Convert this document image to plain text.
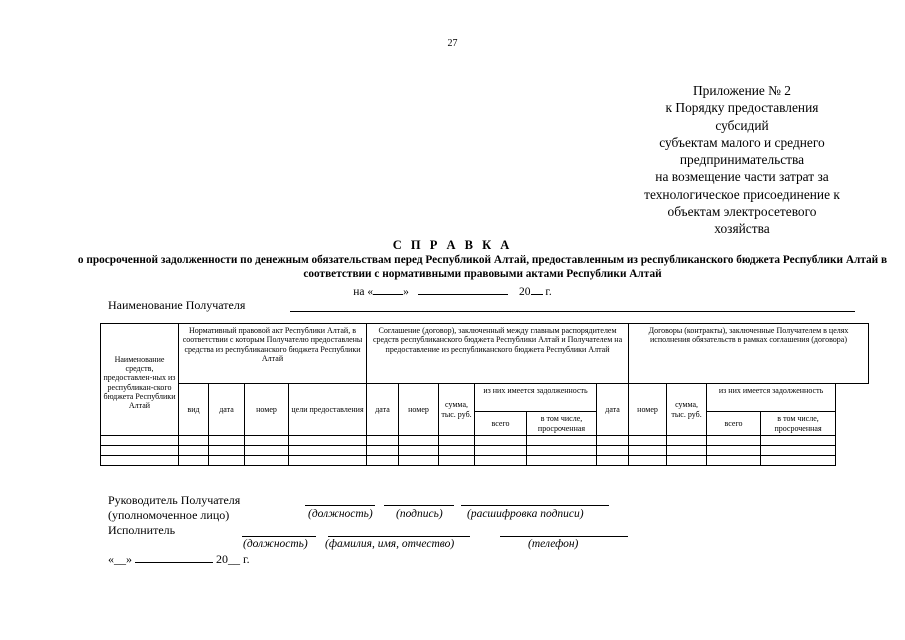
27
Приложение № 2
к Порядку предоставления
субсидий
субъектам малого и среднего
предпринимательства
на возмещение части затрат за
технологическое присоединение к
объектам электросетевого
хозяйства
С П Р А В К А
о просроченной задолженности по денежным обязательствам перед Республикой Алтай, предоставленным из республиканского бюджета Республики Алтай в соответствии с нормативными правовыми актами Республики Алтай
на «	»	20 г.
Наименование Получателя
Наименование средств, предоставлен-ных из республикан-ского бюджета Республики Алтай	Нормативный правовой акт Республики Алтай, в соответствии с которым Получателю предоставлены средства из республиканского бюджета Республики Алтай				Соглашение (договор), заключенный между главным распорядителем средств республиканского бюджета Республики Алтай и Получателем на предоставление из республиканского бюджета Республики Алтай						Договоры (контракты), заключенные Получателем в целях исполнения обязательств в рамках соглашения (договора)			
	вид	дата	номер	цели предоставления	дата	номер	сумма, тыс. руб.	из них имеется задолженность		дата	номер	сумма, тыс. руб.	из них имеется задолженность	
								всего	в том числе, просроченная				всего	в том числе, просроченная

Руководитель Получателя
(уполномоченное лицо)	(должность) (подпись) (расшифровка подписи)
Исполнитель
(должность) (фамилия, имя, отчество)	(телефон)
«__»	20__ г.
